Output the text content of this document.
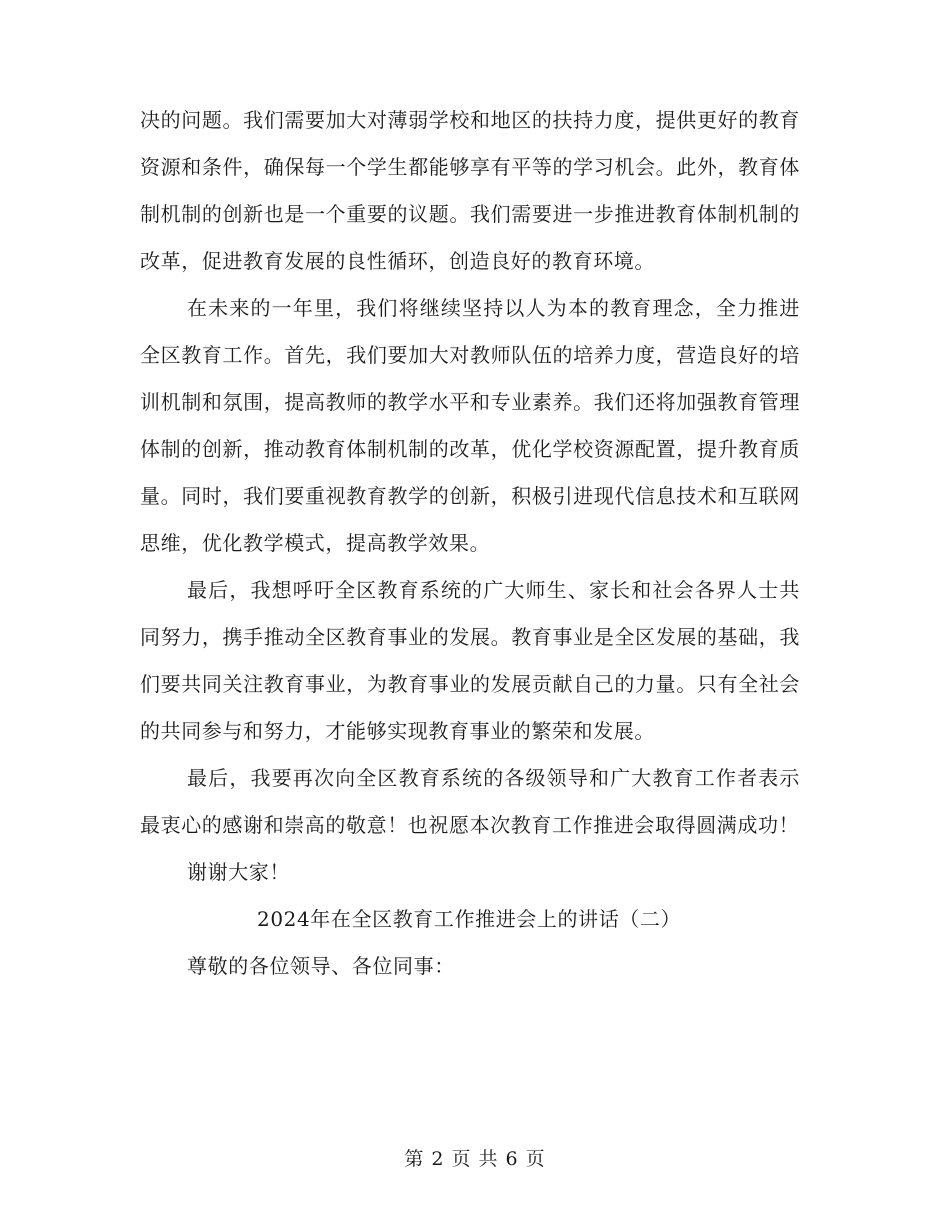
决的问题。我们需要加大对薄弱学校和地区的扶持力度，提供更好的教育资源和条件，确保每一个学生都能够享有平等的学习机会。此外，教育体制机制的创新也是一个重要的议题。我们需要进一步推进教育体制机制的改革，促进教育发展的良性循环，创造良好的教育环境。

在未来的一年里，我们将继续坚持以人为本的教育理念，全力推进全区教育工作。首先，我们要加大对教师队伍的培养力度，营造良好的培训机制和氛围，提高教师的教学水平和专业素养。我们还将加强教育管理体制的创新，推动教育体制机制的改革，优化学校资源配置，提升教育质量。同时，我们要重视教育教学的创新，积极引进现代信息技术和互联网思维，优化教学模式，提高教学效果。

最后，我想呼吁全区教育系统的广大师生、家长和社会各界人士共同努力，携手推动全区教育事业的发展。教育事业是全区发展的基础，我们要共同关注教育事业，为教育事业的发展贡献自己的力量。只有全社会的共同参与和努力，才能够实现教育事业的繁荣和发展。

最后，我要再次向全区教育系统的各级领导和广大教育工作者表示最衷心的感谢和崇高的敬意！也祝愿本次教育工作推进会取得圆满成功！

谢谢大家！

2024年在全区教育工作推进会上的讲话（二）

尊敬的各位领导、各位同事：

第 2 页 共 6 页
